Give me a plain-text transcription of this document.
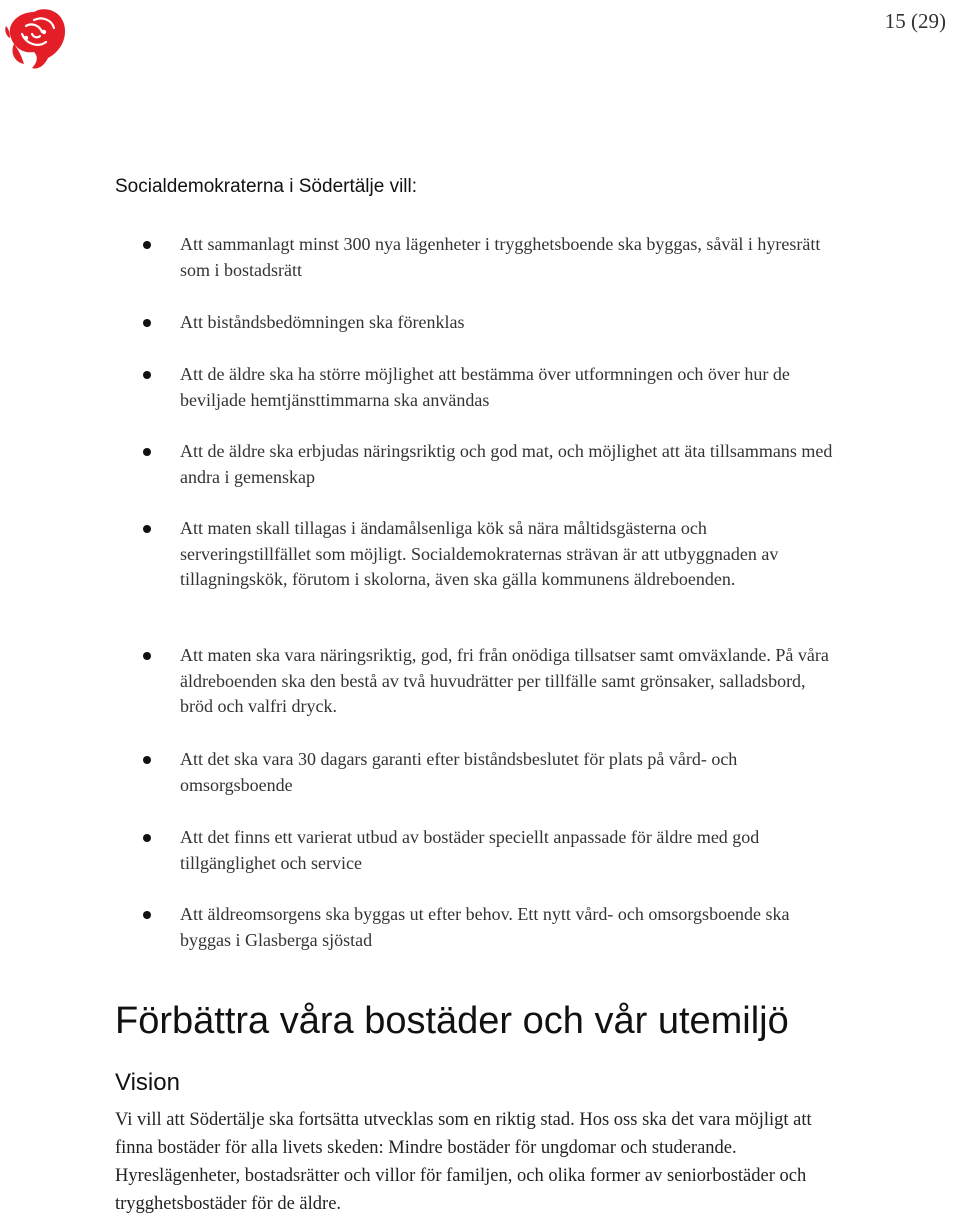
15 (29)
Socialdemokraterna i Södertälje vill:
Att sammanlagt minst 300 nya lägenheter i trygghetsboende ska byggas, såväl i hyresrätt som i bostadsrätt
Att biståndsbedömningen ska förenklas
Att de äldre ska ha större möjlighet att bestämma över utformningen och över hur de beviljade hemtjänsttimmarna ska användas
Att de äldre ska erbjudas näringsriktig och god mat, och möjlighet att äta tillsammans med andra i gemenskap
Att maten skall tillagas i ändamålsenliga kök så nära måltidsgästerna och serveringstillfället som möjligt. Socialdemokraternas strävan är att utbyggnaden av tillagningskök, förutom i skolorna, även ska gälla kommunens äldreboenden.
Att maten ska vara näringsriktig, god, fri från onödiga tillsatser samt omväxlande. På våra äldreboenden ska den bestå av två huvudrätter per tillfälle samt grönsaker, salladsbord, bröd och valfri dryck.
Att det ska vara 30 dagars garanti efter biståndsbeslutet för plats på vård- och omsorgsboende
Att det finns ett varierat utbud av bostäder speciellt anpassade för äldre med god tillgänglighet och service
Att äldreomsorgens ska byggas ut efter behov. Ett nytt vård- och omsorgsboende ska byggas i Glasberga sjöstad
Förbättra våra bostäder och vår utemiljö
Vision
Vi vill att Södertälje ska fortsätta utvecklas som en riktig stad. Hos oss ska det vara möjligt att finna bostäder för alla livets skeden: Mindre bostäder för ungdomar och studerande. Hyreslägenheter, bostadsrätter och villor för familjen, och olika former av seniorbostäder och trygghetsbostäder för de äldre.
